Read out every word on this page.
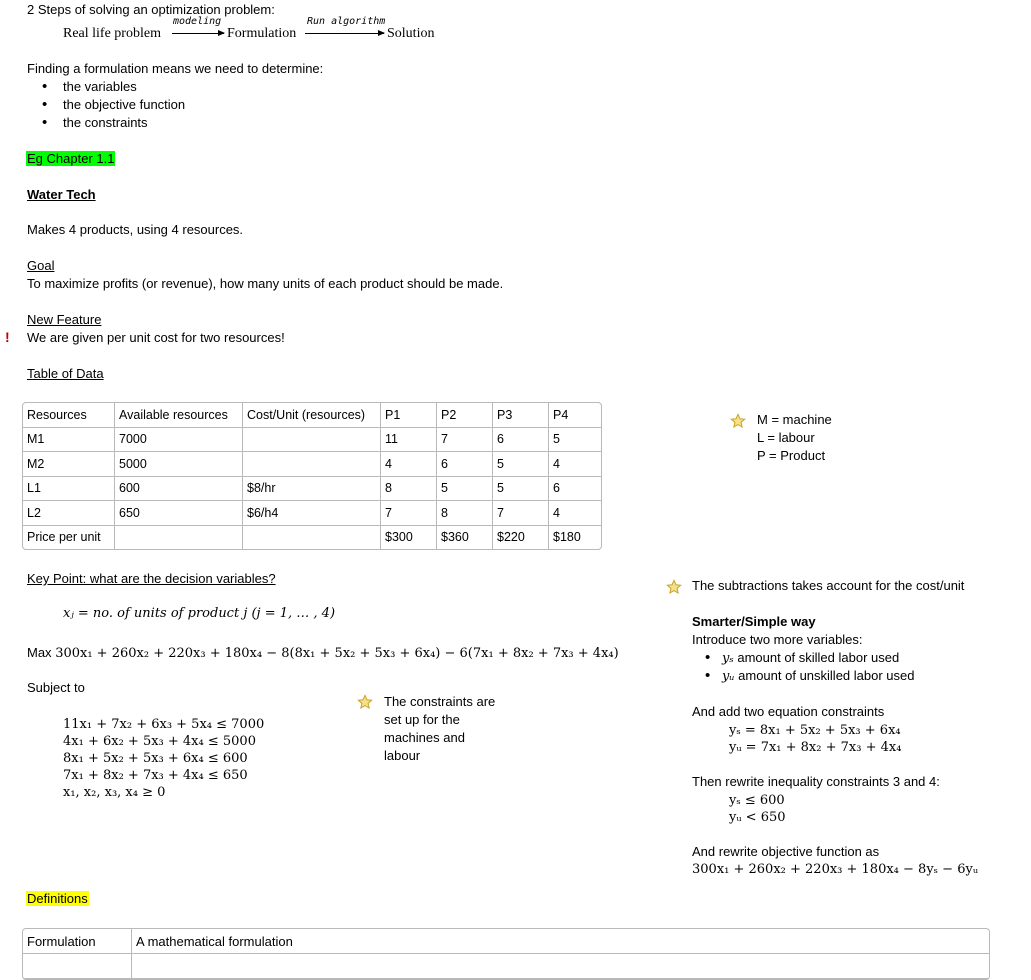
2 Steps of solving an optimization problem:
Real life problem
modeling
Formulation
Run algorithm
Solution
Finding a formulation means we need to determine:
• the variables
• the objective function
• the constraints
Eg Chapter 1.1
Water Tech
Makes 4 products, using 4 resources.
Goal
To maximize profits (or revenue), how many units of each product should be made.
New Feature
! We are given per unit cost for two resources!
Table of Data
Resources	Available resources	Cost/Unit (resources)	P1	P2	P3	P4
M1	7000		11	7	6	5
M2	5000		4	6	5	4
L1	600	$8/hr	8	5	5	6
L2	650	$6/h4	7	8	7	4
Price per unit			$300	$360	$220	$180
M = machine
L = labour
P = Product
Key Point: what are the decision variables?
xⱼ = no. of units of product j (j = 1, … , 4)
Max 300x₁ + 260x₂ + 220x₃ + 180x₄ − 8(8x₁ + 5x₂ + 5x₃ + 6x₄) − 6(7x₁ + 8x₂ + 7x₃ + 4x₄)
Subject to
11x₁ + 7x₂ + 6x₃ + 5x₄ ≤ 7000
4x₁ + 6x₂ + 5x₃ + 4x₄ ≤ 5000
8x₁ + 5x₂ + 5x₃ + 6x₄ ≤ 600
7x₁ + 8x₂ + 7x₃ + 4x₄ ≤ 650
x₁, x₂, x₃, x₄ ≥ 0
The constraints are
set up for the
machines and
labour
The subtractions takes account for the cost/unit
Smarter/Simple way
Introduce two more variables:
• yₛ amount of skilled labor used
• yᵤ amount of unskilled labor used
And add two equation constraints
yₛ = 8x₁ + 5x₂ + 5x₃ + 6x₄
yᵤ = 7x₁ + 8x₂ + 7x₃ + 4x₄
Then rewrite inequality constraints 3 and 4:
yₛ ≤ 600
yᵤ < 650
And rewrite objective function as
300x₁ + 260x₂ + 220x₃ + 180x₄ − 8yₛ − 6yᵤ
Definitions
Formulation	A mathematical formulation
